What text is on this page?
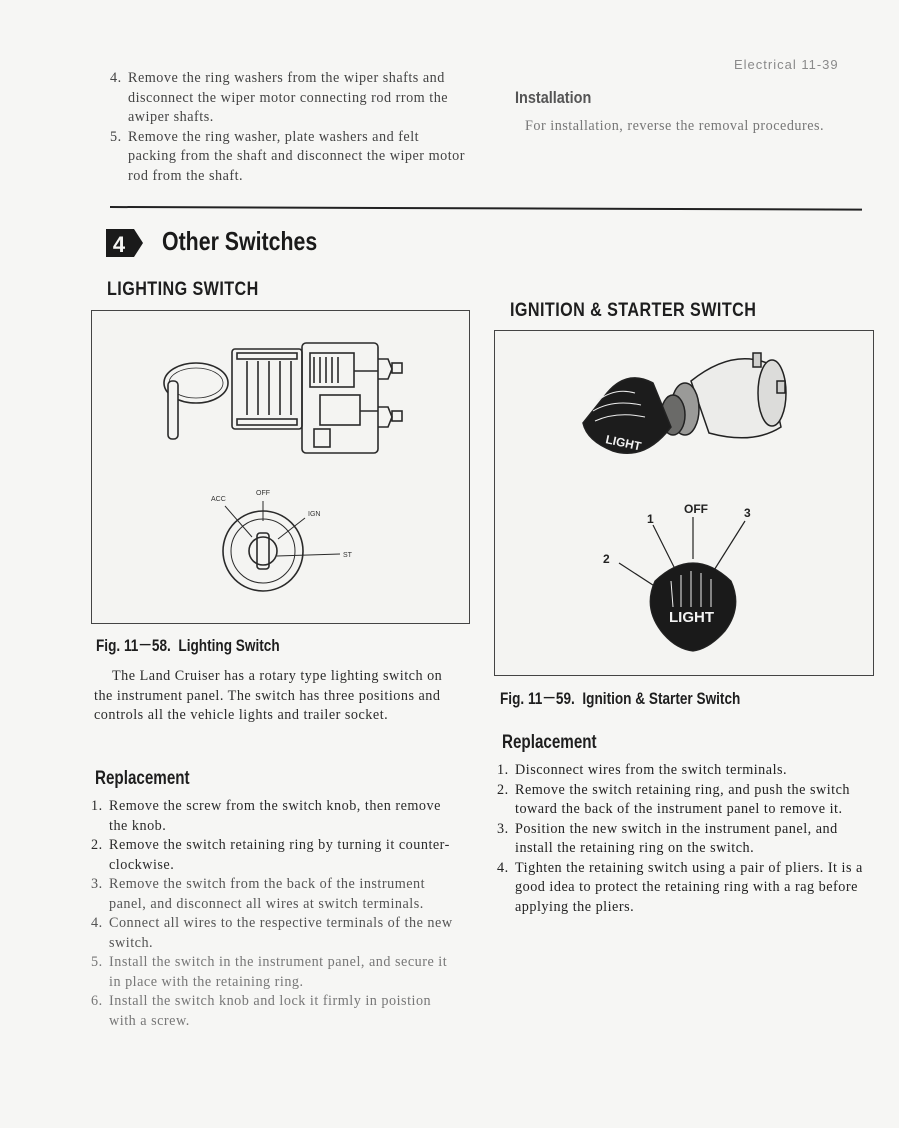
Electrical 11-39
4. Remove the ring washers from the wiper shafts and disconnect the wiper motor connecting rod rrom the awiper shafts.
5. Remove the ring washer, plate washers and felt packing from the shaft and disconnect the wiper motor rod from the shaft.
Installation
For installation, reverse the removal procedures.
4 Other Switches
LIGHTING SWITCH
OFF
ACC
IGN
ST
Fig. 11－58. Lighting Switch
The Land Cruiser has a rotary type lighting switch on the instrument panel. The switch has three positions and controls all the vehicle lights and trailer socket.
Replacement
1. Remove the screw from the switch knob, then remove the knob.
2. Remove the switch retaining ring by turning it counter-clockwise.
3. Remove the switch from the back of the instrument panel, and disconnect all wires at switch terminals.
4. Connect all wires to the respective terminals of the new switch.
5. Install the switch in the instrument panel, and secure it in place with the retaining ring.
6. Install the switch knob and lock it firmly in poistion with a screw.
IGNITION & STARTER SWITCH
LIGHT
LIGHT
OFF
1
2
3
Fig. 11－59. Ignition & Starter Switch
Replacement
1. Disconnect wires from the switch terminals.
2. Remove the switch retaining ring, and push the switch toward the back of the instrument panel to remove it.
3. Position the new switch in the instrument panel, and install the retaining ring on the switch.
4. Tighten the retaining switch using a pair of pliers. It is a good idea to protect the retaining ring with a rag before applying the pliers.
